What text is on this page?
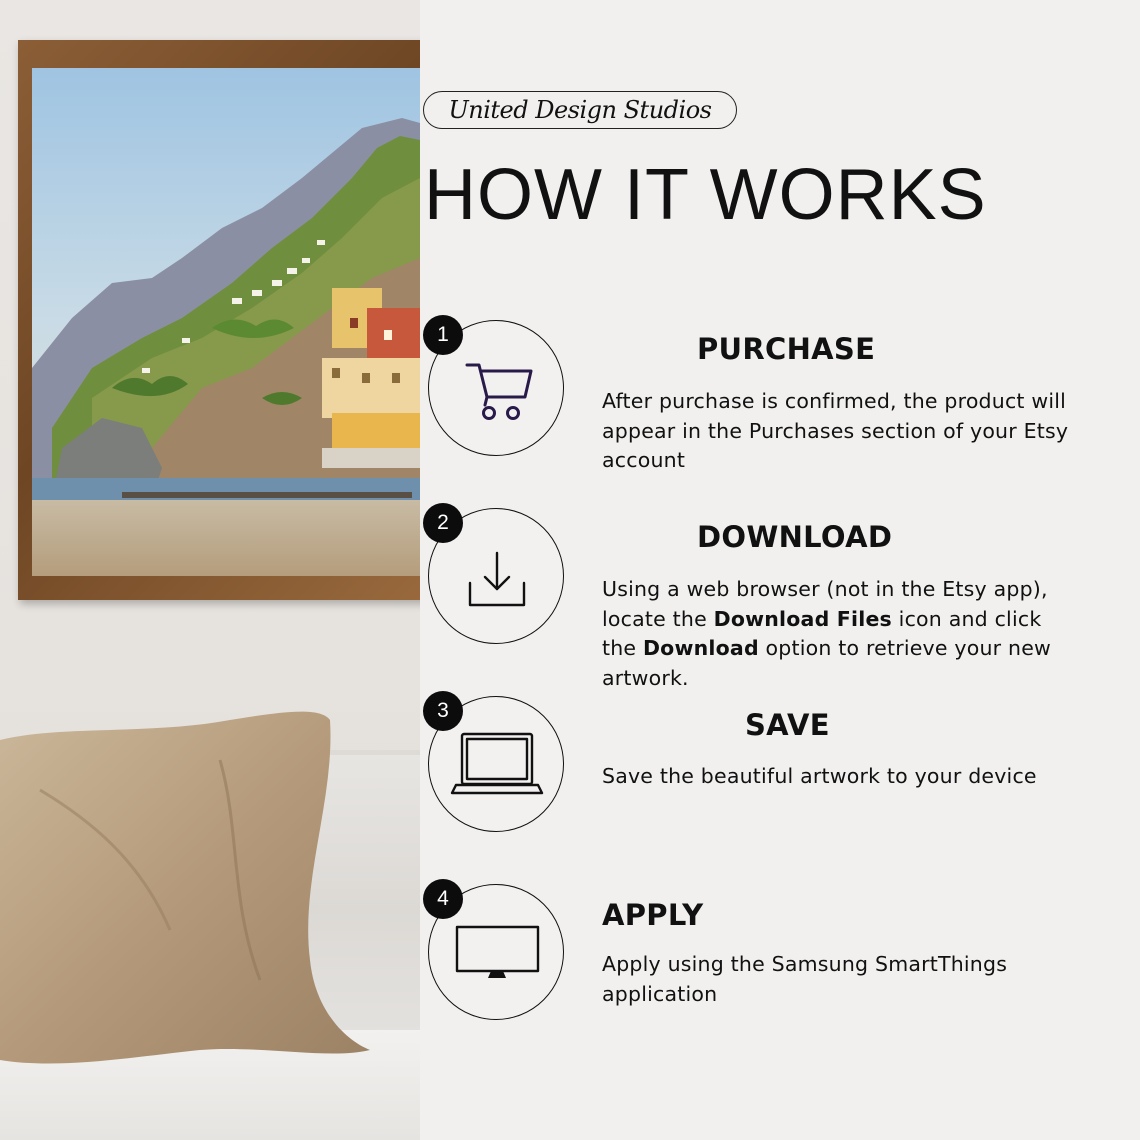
United Design Studios
HOW IT WORKS
1	PURCHASE
After purchase is confirmed, the product will appear in the Purchases section of your Etsy account
2	DOWNLOAD
Using a web browser (not in the Etsy app), locate the Download Files icon and click the Download option to retrieve your new artwork.
3	SAVE
Save the beautiful artwork to your device
4	APPLY
Apply using the Samsung SmartThings application
